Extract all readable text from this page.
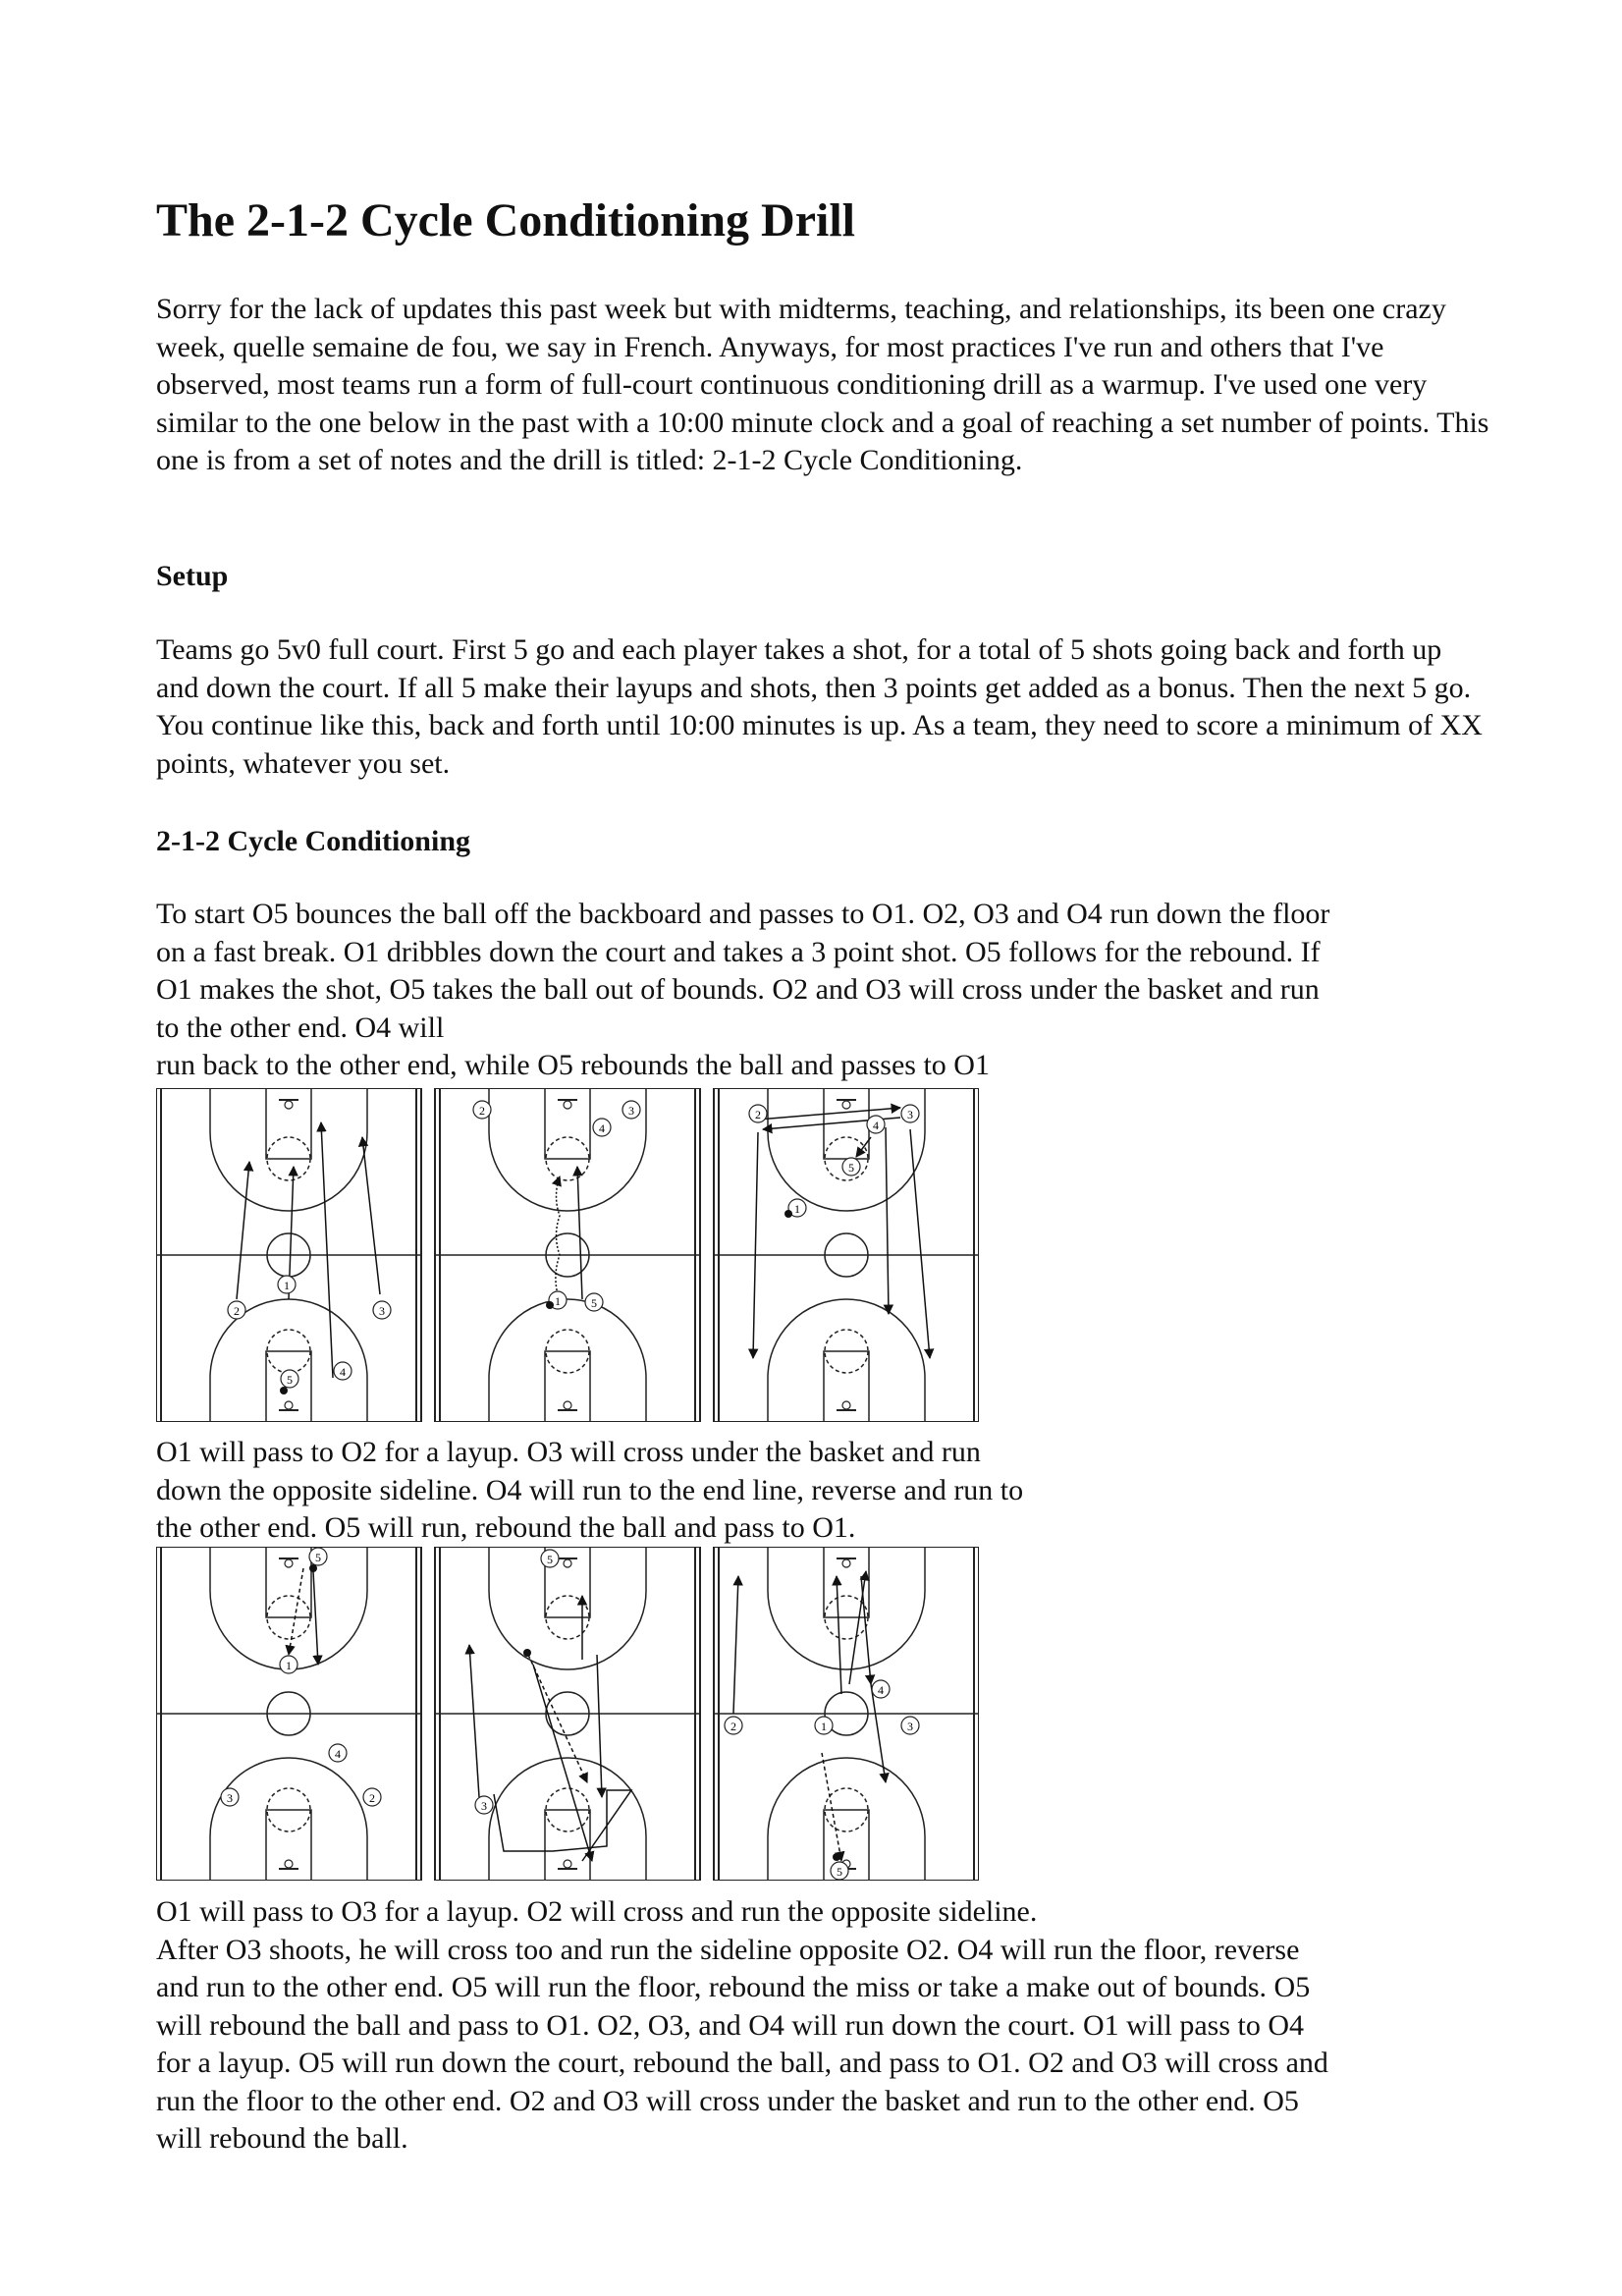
The 2-1-2 Cycle Conditioning Drill

Sorry for the lack of updates this past week but with midterms, teaching, and relationships, its been one crazy week, quelle semaine de fou, we say in French. Anyways, for most practices I've run and others that I've observed, most teams run a form of full-court continuous conditioning drill as a warmup. I've used one very similar to the one below in the past with a 10:00 minute clock and a goal of reaching a set number of points. This one is from a set of notes and the drill is titled: 2-1-2 Cycle Conditioning.

Setup

Teams go 5v0 full court. First 5 go and each player takes a shot, for a total of 5 shots going back and forth up and down the court. If all 5 make their layups and shots, then 3 points get added as a bonus. Then the next 5 go. You continue like this, back and forth until 10:00 minutes is up. As a team, they need to score a minimum of XX points, whatever you set.

2-1-2 Cycle Conditioning
To start O5 bounces the ball off the backboard and passes to O1. O2, O3 and O4 run down the floor
on a fast break. O1 dribbles down the court and takes a 3 point shot. O5 follows for the rebound. If
O1 makes the shot, O5 takes the ball out of bounds. O2 and O3 will cross under the basket and run
to the other end. O4 will
run back to the other end, while O5 rebounds the ball and passes to O1
2
1
3
4
5
1	5
2
4
3	2	3
4
5
1
O1 will pass to O2 for a layup. O3 will cross under the basket and run
down the opposite sideline. O4 will run to the end line, reverse and run to
the other end. O5 will run, rebound the ball and pass to O1.
5
1
4
3	2
5
3
2	1	3
4
5
O1 will pass to O3 for a layup. O2 will cross and run the opposite sideline.
After O3 shoots, he will cross too and run the sideline opposite O2. O4 will run the floor, reverse
and run to the other end. O5 will run the floor, rebound the miss or take a make out of bounds. O5
will rebound the ball and pass to O1. O2, O3, and O4 will run down the court. O1 will pass to O4
for a layup. O5 will run down the court, rebound the ball, and pass to O1. O2 and O3 will cross and
run the floor to the other end. O2 and O3 will cross under the basket and run to the other end. O5
will rebound the ball.
